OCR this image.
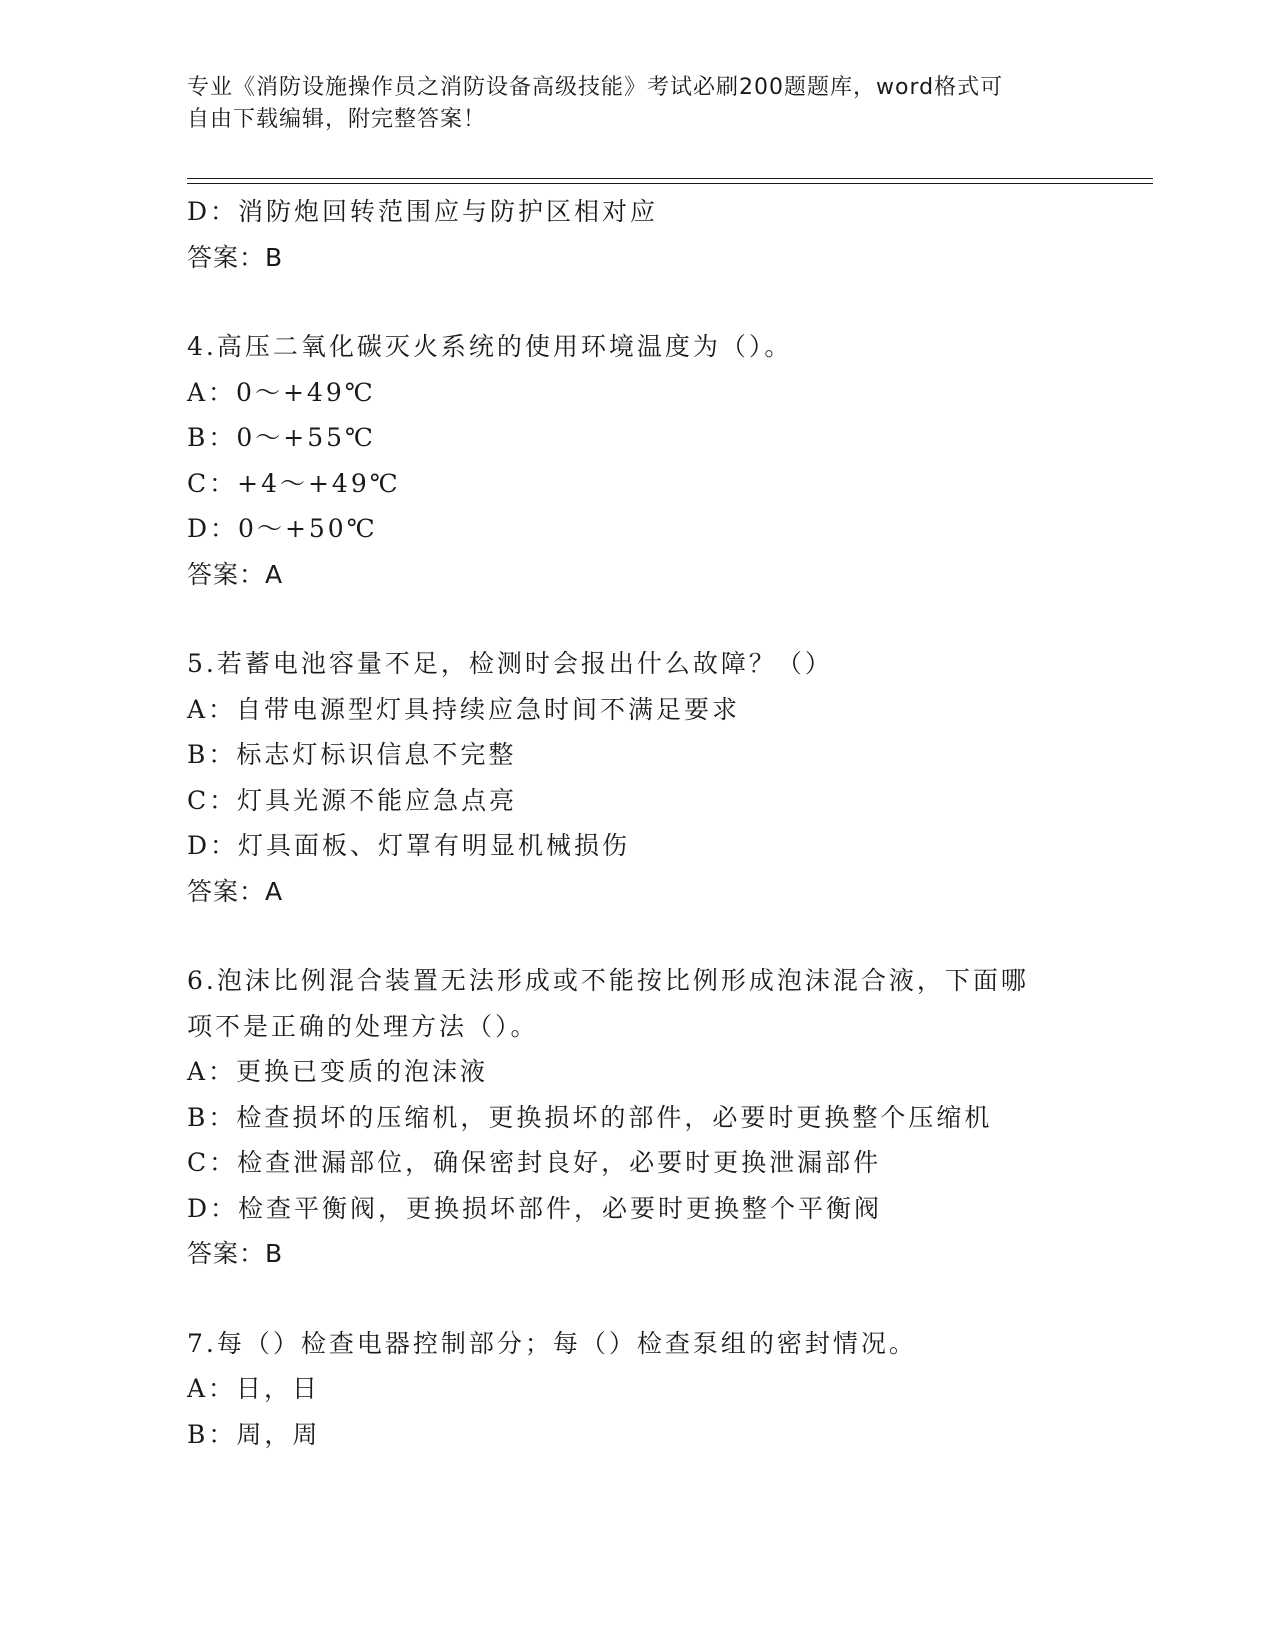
专业《消防设施操作员之消防设备高级技能》考试必刷200题题库，word格式可
自由下载编辑，附完整答案！
D：消防炮回转范围应与防护区相对应
答案：B
4.高压二氧化碳灭火系统的使用环境温度为（）。
A：0～+49℃
B：0～+55℃
C：+4～+49℃
D：0～+50℃
答案：A
5.若蓄电池容量不足，检测时会报出什么故障？（）
A：自带电源型灯具持续应急时间不满足要求
B：标志灯标识信息不完整
C：灯具光源不能应急点亮
D：灯具面板、灯罩有明显机械损伤
答案：A
6.泡沫比例混合装置无法形成或不能按比例形成泡沫混合液，下面哪
项不是正确的处理方法（）。
A：更换已变质的泡沫液
B：检查损坏的压缩机，更换损坏的部件，必要时更换整个压缩机
C：检查泄漏部位，确保密封良好，必要时更换泄漏部件
D：检查平衡阀，更换损坏部件，必要时更换整个平衡阀
答案：B
7.每（）检查电器控制部分；每（）检查泵组的密封情况。
A：日，日
B：周，周
